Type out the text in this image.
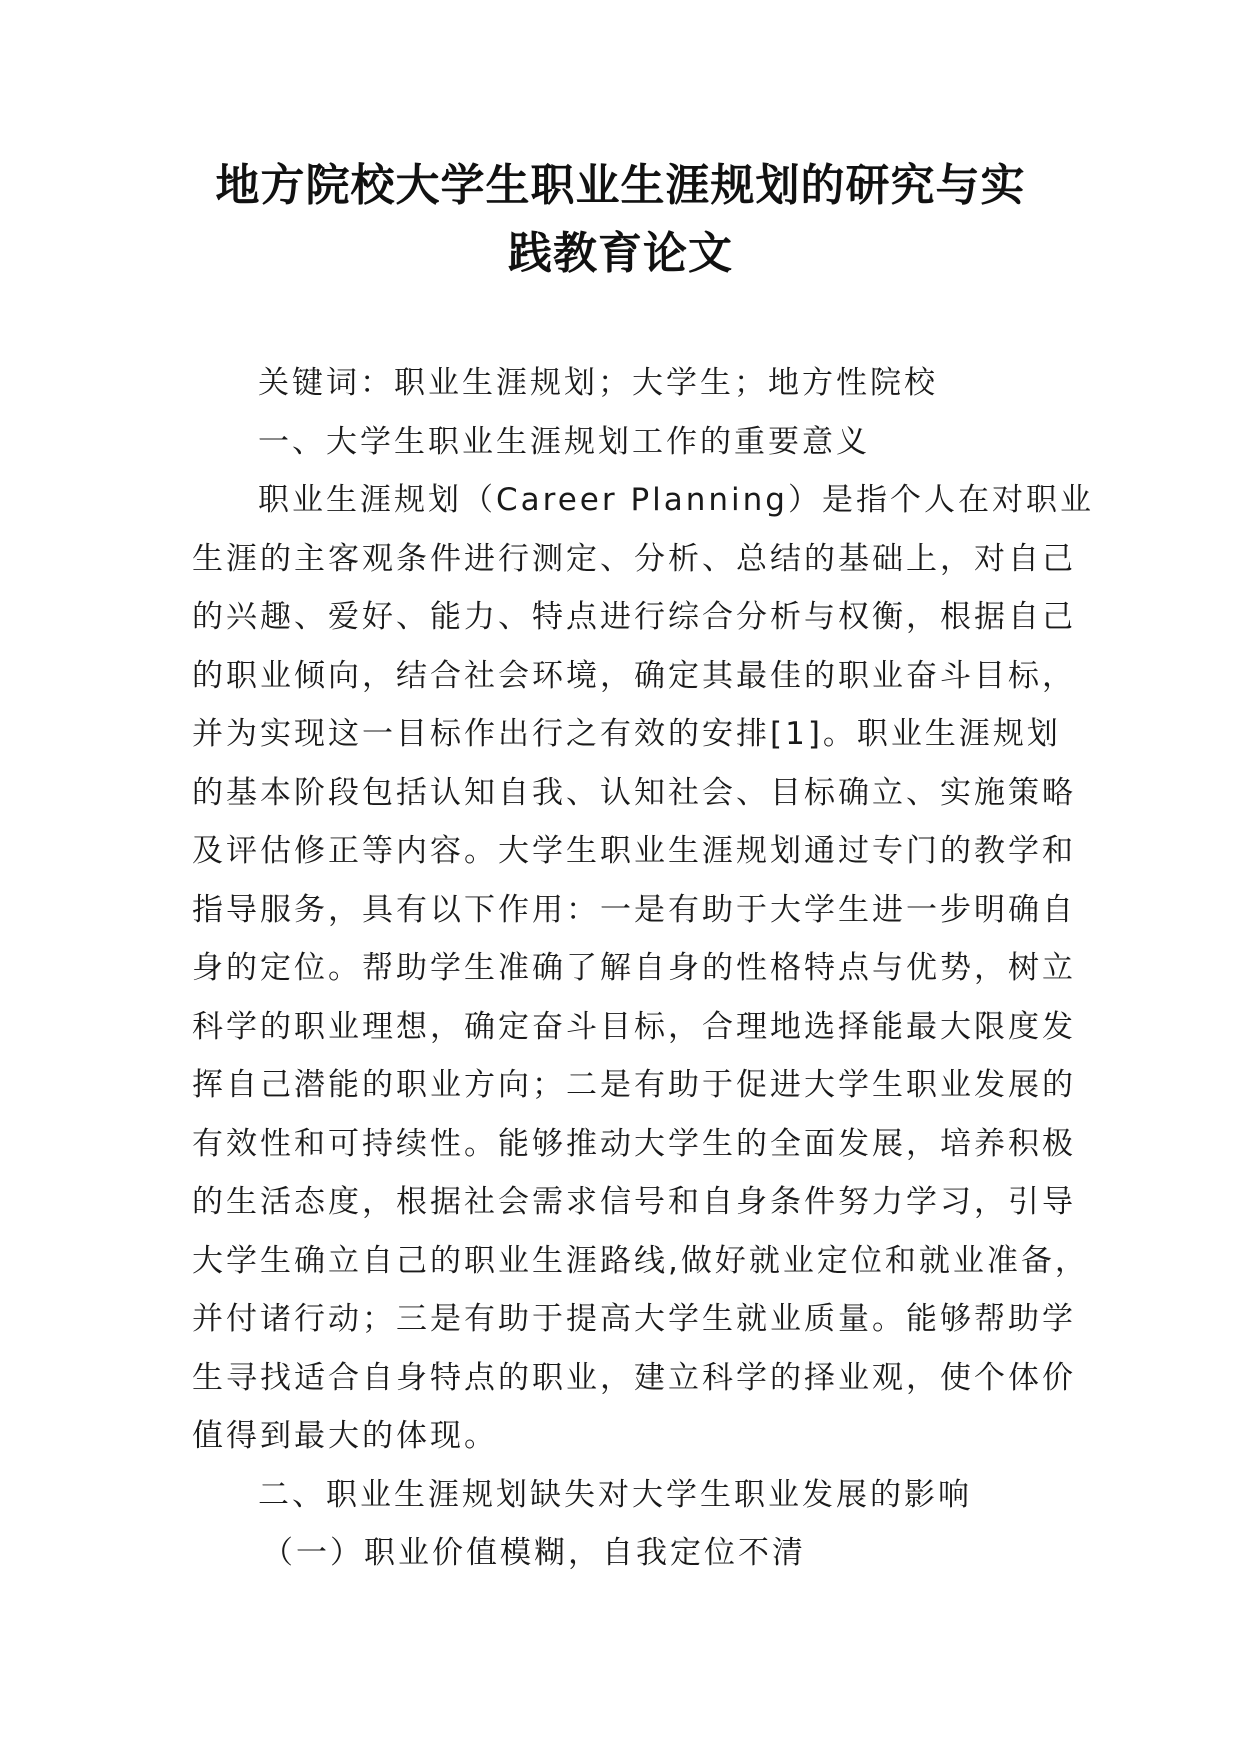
地方院校大学生职业生涯规划的研究与实
践教育论文
关键词：职业生涯规划；大学生；地方性院校
一、大学生职业生涯规划工作的重要意义
职业生涯规划（Career Planning）是指个人在对职业
生涯的主客观条件进行测定、分析、总结的基础上，对自己
的兴趣、爱好、能力、特点进行综合分析与权衡，根据自己
的职业倾向，结合社会环境，确定其最佳的职业奋斗目标，
并为实现这一目标作出行之有效的安排[1]。职业生涯规划
的基本阶段包括认知自我、认知社会、目标确立、实施策略
及评估修正等内容。大学生职业生涯规划通过专门的教学和
指导服务，具有以下作用：一是有助于大学生进一步明确自
身的定位。帮助学生准确了解自身的性格特点与优势，树立
科学的职业理想，确定奋斗目标，合理地选择能最大限度发
挥自己潜能的职业方向；二是有助于促进大学生职业发展的
有效性和可持续性。能够推动大学生的全面发展，培养积极
的生活态度，根据社会需求信号和自身条件努力学习，引导
大学生确立自己的职业生涯路线,做好就业定位和就业准备，
并付诸行动；三是有助于提高大学生就业质量。能够帮助学
生寻找适合自身特点的职业，建立科学的择业观，使个体价
值得到最大的体现。
二、职业生涯规划缺失对大学生职业发展的影响
（一）职业价值模糊，自我定位不清
